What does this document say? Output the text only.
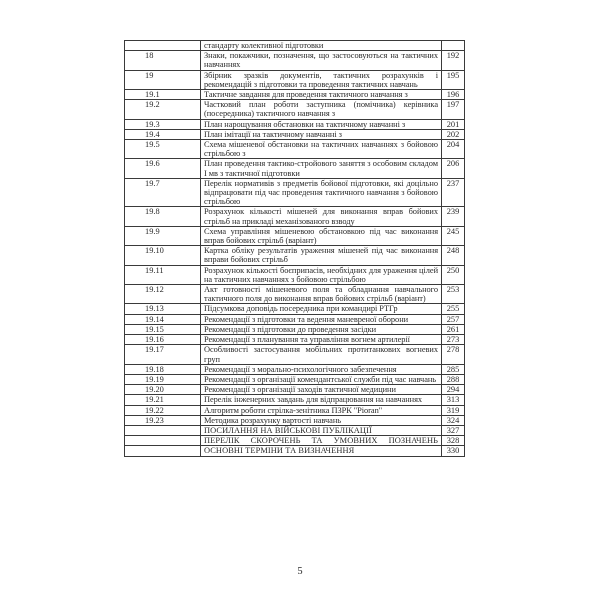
	стандарту колективної підготовки	
18	Знаки, покажчики, позначення, що застосовуються на тактичних навчаннях	192
19	Збірник зразків документів, тактичних розрахунків і рекомендацій з підготовки та проведення тактичних навчань	195
19.1	Тактичне завдання для проведення тактичного навчання з	196
19.2	Частковий план роботи заступника (помічника) керівника (посередника) тактичного навчання з	197
19.3	План нарощування обстановки на тактичному навчанні з	201
19.4	План імітації на тактичному навчанні з	202
19.5	Схема мішеневої обстановки на тактичних навчаннях з бойовою стрільбою з	204
19.6	План проведення тактико-стройового заняття з особовим складом І мв з тактичної підготовки	206
19.7	Перелік нормативів з предметів бойової підготовки, які доцільно відпрацювати під час проведення тактичного навчання з бойовою стрільбою	237
19.8	Розрахунок кількості мішеней для виконання вправ бойових стрільб на прикладі механізованого взводу	239
19.9	Схема управління мішеневою обстановкою під час виконання вправ бойових стрільб (варіант)	245
19.10	Картка обліку результатів ураження мішеней під час виконання вправи бойових стрільб	248
19.11	Розрахунок кількості боєприпасів, необхідних для ураження цілей на тактичних навчаннях з бойовою стрільбою	250
19.12	Акт готовності мішеневого поля та обладнання навчального тактичного поля до виконання вправ бойових стрільб (варіант)	253
19.13	Підсумкова доповідь посередника при командирі РТГр	255
19.14	Рекомендації з підготовки та ведення маневреної оборони	257
19.15	Рекомендації з підготовки до проведення засідки	261
19.16	Рекомендації з планування та управління вогнем артилерії	273
19.17	Особливості застосування мобільних протитанкових вогневих груп	278
19.18	Рекомендації з морально-психологічного забезпечення	285
19.19	Рекомендації з організації комендантської служби під час навчань	288
19.20	Рекомендації з організації заходів тактичної медицини	294
19.21	Перелік інженерних завдань для відпрацювання на навчаннях	313
19.22	Алгоритм роботи стрілка-зенітника ПЗРК "Pioran"	319
19.23	Методика розрахунку вартості навчань	324
	ПОСИЛАННЯ НА ВІЙСЬКОВІ ПУБЛІКАЦІЇ	327
	ПЕРЕЛІК СКОРОЧЕНЬ ТА УМОВНИХ ПОЗНАЧЕНЬ	328
	ОСНОВНІ ТЕРМІНИ ТА ВИЗНАЧЕННЯ	330
5
